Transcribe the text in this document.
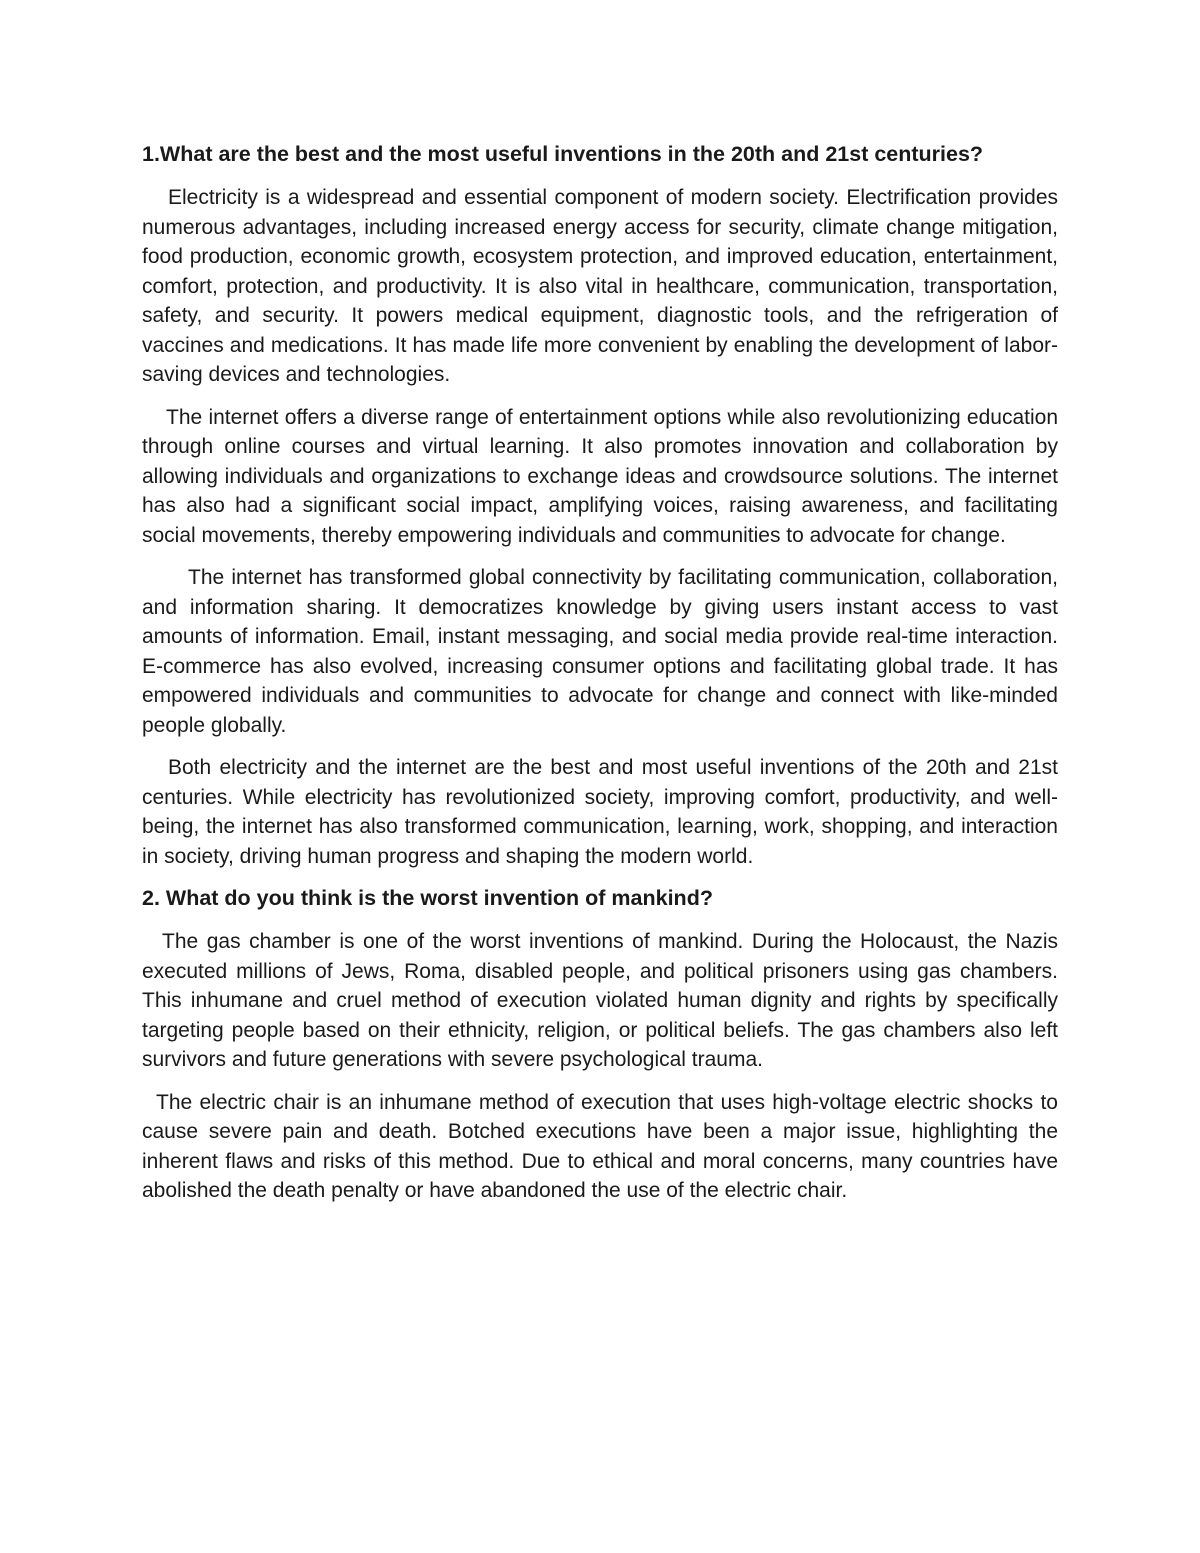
1.What are the best and the most useful inventions in the 20th and 21st centuries?
Electricity is a widespread and essential component of modern society. Electrification provides numerous advantages, including increased energy access for security, climate change mitigation, food production, economic growth, ecosystem protection, and improved education, entertainment, comfort, protection, and productivity. It is also vital in healthcare, communication, transportation, safety, and security. It powers medical equipment, diagnostic tools, and the refrigeration of vaccines and medications. It has made life more convenient by enabling the development of labor-saving devices and technologies.
The internet offers a diverse range of entertainment options while also revolutionizing education through online courses and virtual learning. It also promotes innovation and collaboration by allowing individuals and organizations to exchange ideas and crowdsource solutions. The internet has also had a significant social impact, amplifying voices, raising awareness, and facilitating social movements, thereby empowering individuals and communities to advocate for change.
The internet has transformed global connectivity by facilitating communication, collaboration, and information sharing. It democratizes knowledge by giving users instant access to vast amounts of information. Email, instant messaging, and social media provide real-time interaction. E-commerce has also evolved, increasing consumer options and facilitating global trade. It has empowered individuals and communities to advocate for change and connect with like-minded people globally.
Both electricity and the internet are the best and most useful inventions of the 20th and 21st centuries. While electricity has revolutionized society, improving comfort, productivity, and well-being, the internet has also transformed communication, learning, work, shopping, and interaction in society, driving human progress and shaping the modern world.
2. What do you think is the worst invention of mankind?
The gas chamber is one of the worst inventions of mankind. During the Holocaust, the Nazis executed millions of Jews, Roma, disabled people, and political prisoners using gas chambers. This inhumane and cruel method of execution violated human dignity and rights by specifically targeting people based on their ethnicity, religion, or political beliefs. The gas chambers also left survivors and future generations with severe psychological trauma.
The electric chair is an inhumane method of execution that uses high-voltage electric shocks to cause severe pain and death. Botched executions have been a major issue, highlighting the inherent flaws and risks of this method. Due to ethical and moral concerns, many countries have abolished the death penalty or have abandoned the use of the electric chair.
